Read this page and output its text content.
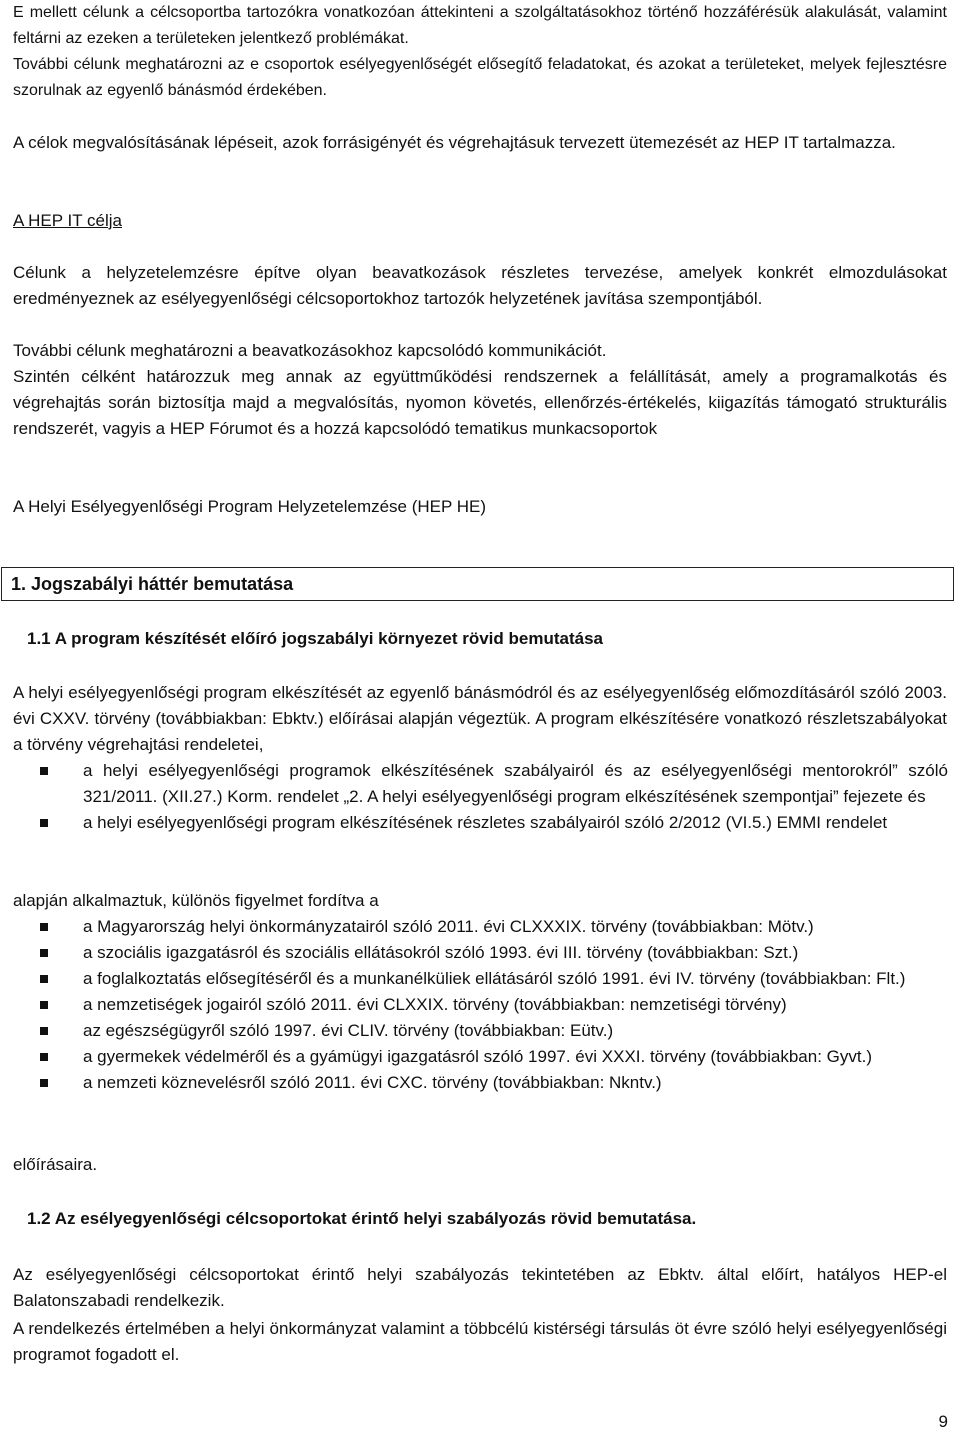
E mellett célunk a célcsoportba tartozókra vonatkozóan áttekinteni a szolgáltatásokhoz történő hozzáférésük alakulását, valamint feltárni az ezeken a területeken jelentkező problémákat.

További célunk meghatározni az e csoportok esélyegyenlőségét elősegítő feladatokat, és azokat a területeket, melyek fejlesztésre szorulnak az egyenlő bánásmód érdekében.

A célok megvalósításának lépéseit, azok forrásigényét és végrehajtásuk tervezett ütemezését az HEP IT tartalmazza.

A HEP IT célja

Célunk a helyzetelemzésre építve olyan beavatkozások részletes tervezése, amelyek konkrét elmozdulásokat eredményeznek az esélyegyenlőségi célcsoportokhoz tartozók helyzetének javítása szempontjából.

További célunk meghatározni a beavatkozásokhoz kapcsolódó kommunikációt.

Szintén célként határozzuk meg annak az együttműködési rendszernek a felállítását, amely a programalkotás és végrehajtás során biztosítja majd a megvalósítás, nyomon követés, ellenőrzés-értékelés, kiigazítás támogató strukturális rendszerét, vagyis a HEP Fórumot és a hozzá kapcsolódó tematikus munkacsoportok

A Helyi Esélyegyenlőségi Program Helyzetelemzése (HEP HE)

1. Jogszabályi háttér bemutatása
1.1 A program készítését előíró jogszabályi környezet rövid bemutatása

A helyi esélyegyenlőségi program elkészítését az egyenlő bánásmódról és az esélyegyenlőség előmozdításáról szóló 2003. évi CXXV. törvény (továbbiakban: Ebktv.) előírásai alapján végeztük. A program elkészítésére vonatkozó részletszabályokat a törvény végrehajtási rendeletei,

a helyi esélyegyenlőségi programok elkészítésének szabályairól és az esélyegyenlőségi mentorokról” szóló 321/2011. (XII.27.) Korm. rendelet „2. A helyi esélyegyenlőségi program elkészítésének szempontjai” fejezete és
a helyi esélyegyenlőségi program elkészítésének részletes szabályairól szóló 2/2012 (VI.5.) EMMI rendelet

alapján alkalmaztuk, különös figyelmet fordítva a

a Magyarország helyi önkormányzatairól szóló 2011. évi CLXXXIX. törvény (továbbiakban: Mötv.)
a szociális igazgatásról és szociális ellátásokról szóló 1993. évi III. törvény (továbbiakban: Szt.)
a foglalkoztatás elősegítéséről és a munkanélküliek ellátásáról szóló 1991. évi IV. törvény (továbbiakban: Flt.)
a nemzetiségek jogairól szóló 2011. évi CLXXIX. törvény (továbbiakban: nemzetiségi törvény)
az egészségügyről szóló 1997. évi CLIV. törvény (továbbiakban: Eütv.)
a gyermekek védelméről és a gyámügyi igazgatásról szóló 1997. évi XXXI. törvény (továbbiakban: Gyvt.)
a nemzeti köznevelésről szóló 2011. évi CXC. törvény (továbbiakban: Nkntv.)

előírásaira.

1.2 Az esélyegyenlőségi célcsoportokat érintő helyi szabályozás rövid bemutatása.

Az esélyegyenlőségi célcsoportokat érintő helyi szabályozás tekintetében az Ebktv. által előírt, hatályos HEP-el Balatonszabadi rendelkezik.

A rendelkezés értelmében a helyi önkormányzat valamint a többcélú kistérségi társulás öt évre szóló helyi esélyegyenlőségi programot fogadott el.

9
